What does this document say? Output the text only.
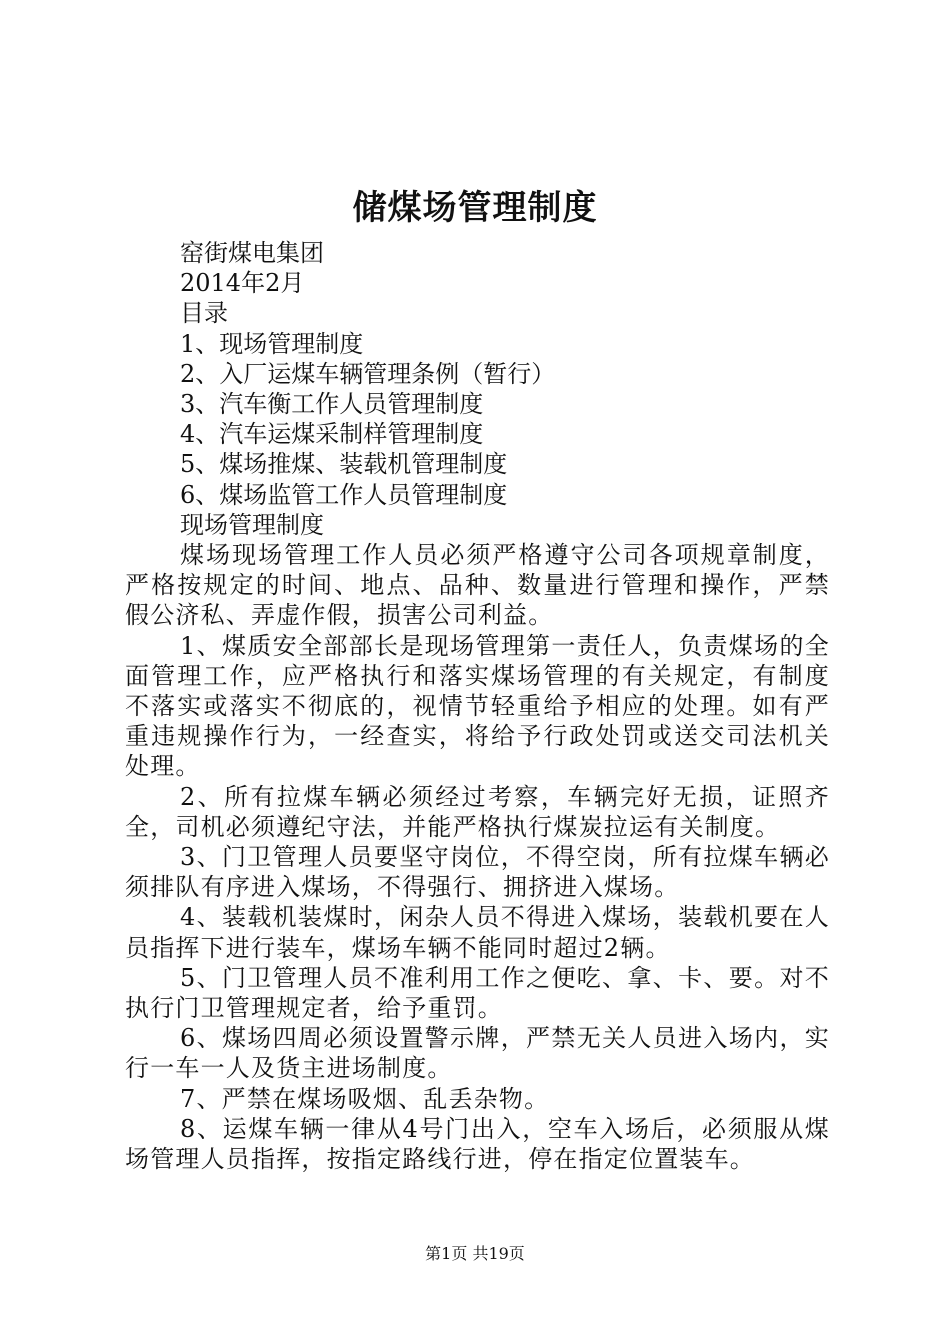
储煤场管理制度

窑街煤电集团

2014年2月

目录

1、现场管理制度

2、入厂运煤车辆管理条例（暂行）

3、汽车衡工作人员管理制度

4、汽车运煤采制样管理制度

5、煤场推煤、装载机管理制度

6、煤场监管工作人员管理制度

现场管理制度

煤场现场管理工作人员必须严格遵守公司各项规章制度，严格按规定的时间、地点、品种、数量进行管理和操作，严禁假公济私、弄虚作假，损害公司利益。

1、煤质安全部部长是现场管理第一责任人，负责煤场的全面管理工作，应严格执行和落实煤场管理的有关规定，有制度不落实或落实不彻底的，视情节轻重给予相应的处理。如有严重违规操作行为，一经查实，将给予行政处罚或送交司法机关处理。

2、所有拉煤车辆必须经过考察，车辆完好无损，证照齐全，司机必须遵纪守法，并能严格执行煤炭拉运有关制度。

3、门卫管理人员要坚守岗位，不得空岗，所有拉煤车辆必须排队有序进入煤场，不得强行、拥挤进入煤场。

4、装载机装煤时，闲杂人员不得进入煤场，装载机要在人员指挥下进行装车，煤场车辆不能同时超过2辆。

5、门卫管理人员不准利用工作之便吃、拿、卡、要。对不执行门卫管理规定者，给予重罚。

6、煤场四周必须设置警示牌，严禁无关人员进入场内，实行一车一人及货主进场制度。

7、严禁在煤场吸烟、乱丢杂物。

8、运煤车辆一律从4号门出入，空车入场后，必须服从煤场管理人员指挥，按指定路线行进，停在指定位置装车。

第1页 共19页
